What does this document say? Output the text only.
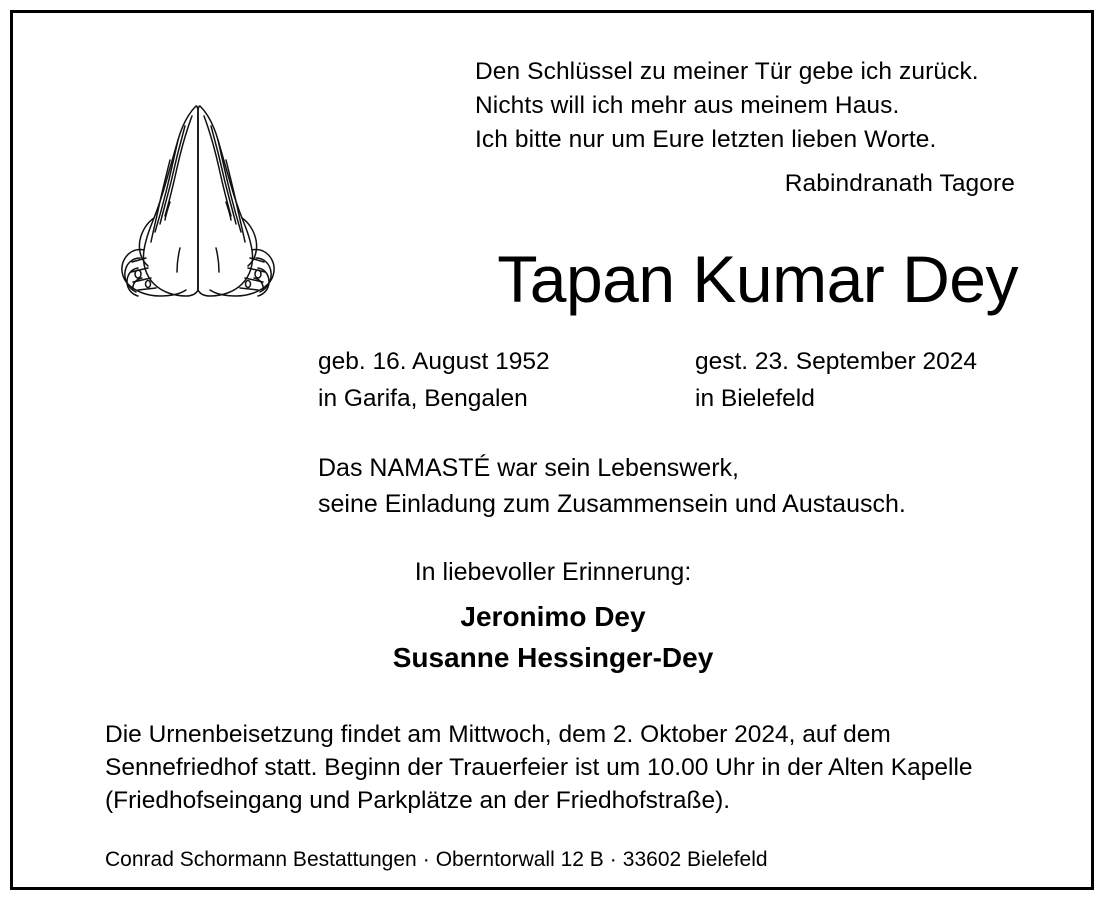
Den Schlüssel zu meiner Tür gebe ich zurück.
Nichts will ich mehr aus meinem Haus.
Ich bitte nur um Eure letzten lieben Worte.
Rabindranath Tagore
Tapan Kumar Dey
geb. 16. August 1952	gest. 23. September 2024
in Garifa, Bengalen	in Bielefeld
Das NAMASTÉ war sein Lebenswerk,
seine Einladung zum Zusammensein und Austausch.
In liebevoller Erinnerung:
Jeronimo Dey
Susanne Hessinger-Dey
Die Urnenbeisetzung findet am Mittwoch, dem 2. Oktober 2024, auf dem
Sennefriedhof statt. Beginn der Trauerfeier ist um 10.00 Uhr in der Alten Kapelle
(Friedhofseingang und Parkplätze an der Friedhofstraße).
Conrad Schormann Bestattungen · Oberntorwall 12 B · 33602 Bielefeld
